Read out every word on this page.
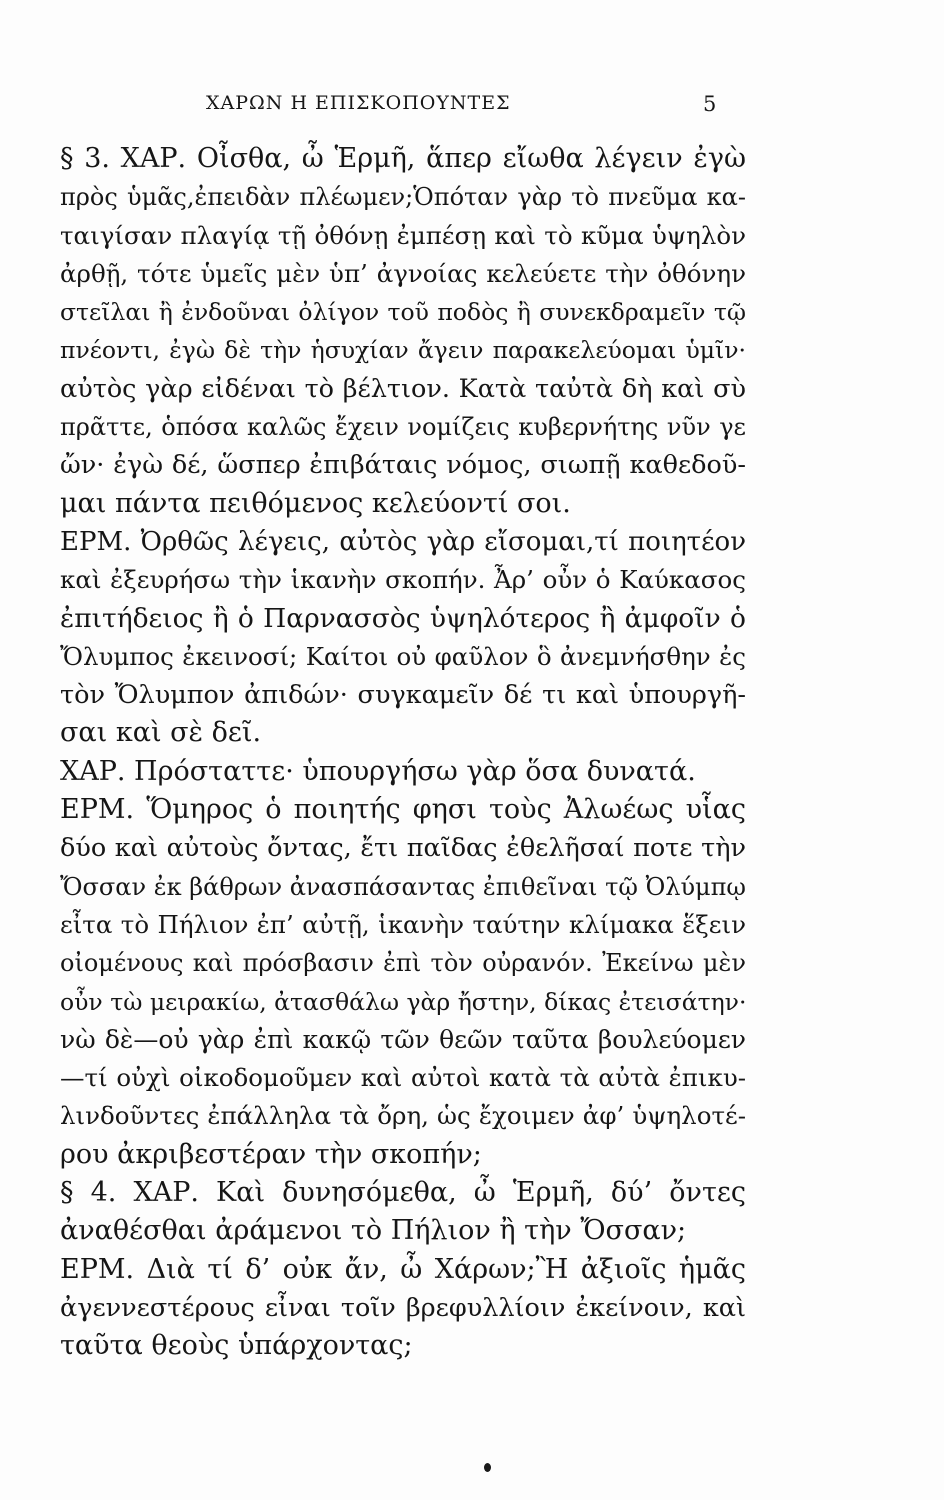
ΧΑΡΩΝ Η ΕΠΙΣΚΟΠΟΥΝΤΕΣ	5
§ 3. ΧΑΡ. Οἶσθα, ὦ Ἑρμῆ, ἅπερ εἴωθα λέγειν ἐγὼ
πρὸς ὑμᾶς,ἐπειδὰν πλέωμεν;Ὁπόταν γὰρ τὸ πνεῦμα κα-
ταιγίσαν πλαγίᾳ τῇ ὀθόνῃ ἐμπέσῃ καὶ τὸ κῦμα ὑψηλὸν
ἀρθῇ, τότε ὑμεῖς μὲν ὑπ’ ἀγνοίας κελεύετε τὴν ὀθόνην
στεῖλαι ἢ ἐνδοῦναι ὀλίγον τοῦ ποδὸς ἢ συνεκδραμεῖν τῷ
πνέοντι, ἐγὼ δὲ τὴν ἡσυχίαν ἄγειν παρακελεύομαι ὑμῖν·
αὐτὸς γὰρ εἰδέναι τὸ βέλτιον. Κατὰ ταὐτὰ δὴ καὶ σὺ
πρᾶττε, ὁπόσα καλῶς ἔχειν νομίζεις κυβερνήτης νῦν γε
ὤν· ἐγὼ δέ, ὥσπερ ἐπιβάταις νόμος, σιωπῇ καθεδοῦ-
μαι πάντα πειθόμενος κελεύοντί σοι.
ΕΡΜ. Ὀρθῶς λέγεις, αὐτὸς γὰρ εἴσομαι,τί ποιητέον
καὶ ἐξευρήσω τὴν ἱκανὴν σκοπήν. Ἆρ’ οὖν ὁ Καύκασος
ἐπιτήδειος ἢ ὁ Παρνασσὸς ὑψηλότερος ἢ ἀμφοῖν ὁ
Ὄλυμπος ἐκεινοσί; Καίτοι οὐ φαῦλον ὃ ἀνεμνήσθην ἐς
τὸν Ὄλυμπον ἀπιδών· συγκαμεῖν δέ τι καὶ ὑπουργῆ-
σαι καὶ σὲ δεῖ.
ΧΑΡ. Πρόσταττε· ὑπουργήσω γὰρ ὅσα δυνατά.
ΕΡΜ. Ὅμηρος ὁ ποιητής φησι τοὺς Ἀλωέως υἷας
δύο καὶ αὐτοὺς ὄντας, ἔτι παῖδας ἐθελῆσαί ποτε τὴν
Ὄσσαν ἐκ βάθρων ἀνασπάσαντας ἐπιθεῖναι τῷ Ὀλύμπῳ
εἶτα τὸ Πήλιον ἐπ’ αὐτῇ, ἱκανὴν ταύτην κλίμακα ἕξειν
οἰομένους καὶ πρόσβασιν ἐπὶ τὸν οὐρανόν. Ἐκείνω μὲν
οὖν τὼ μειρακίω, ἀτασθάλω γὰρ ἤστην, δίκας ἐτεισάτην·
νὼ δὲ—οὐ γὰρ ἐπὶ κακῷ τῶν θεῶν ταῦτα βουλεύομεν
—τί οὐχὶ οἰκοδομοῦμεν καὶ αὐτοὶ κατὰ τὰ αὐτὰ ἐπικυ-
λινδοῦντες ἐπάλληλα τὰ ὄρη, ὡς ἔχοιμεν ἀφ’ ὑψηλοτέ-
ρου ἀκριβεστέραν τὴν σκοπήν;
§ 4. ΧΑΡ. Καὶ δυνησόμεθα, ὦ Ἑρμῆ, δύ’ ὄντες
ἀναθέσθαι ἀράμενοι τὸ Πήλιον ἢ τὴν Ὄσσαν;
ΕΡΜ. Διὰ τί δ’ οὐκ ἄν, ὦ Χάρων;Ἢ ἀξιοῖς ἡμᾶς
ἀγεννεστέρους εἶναι τοῖν βρεφυλλίοιν ἐκείνοιν, καὶ
ταῦτα θεοὺς ὑπάρχοντας;
